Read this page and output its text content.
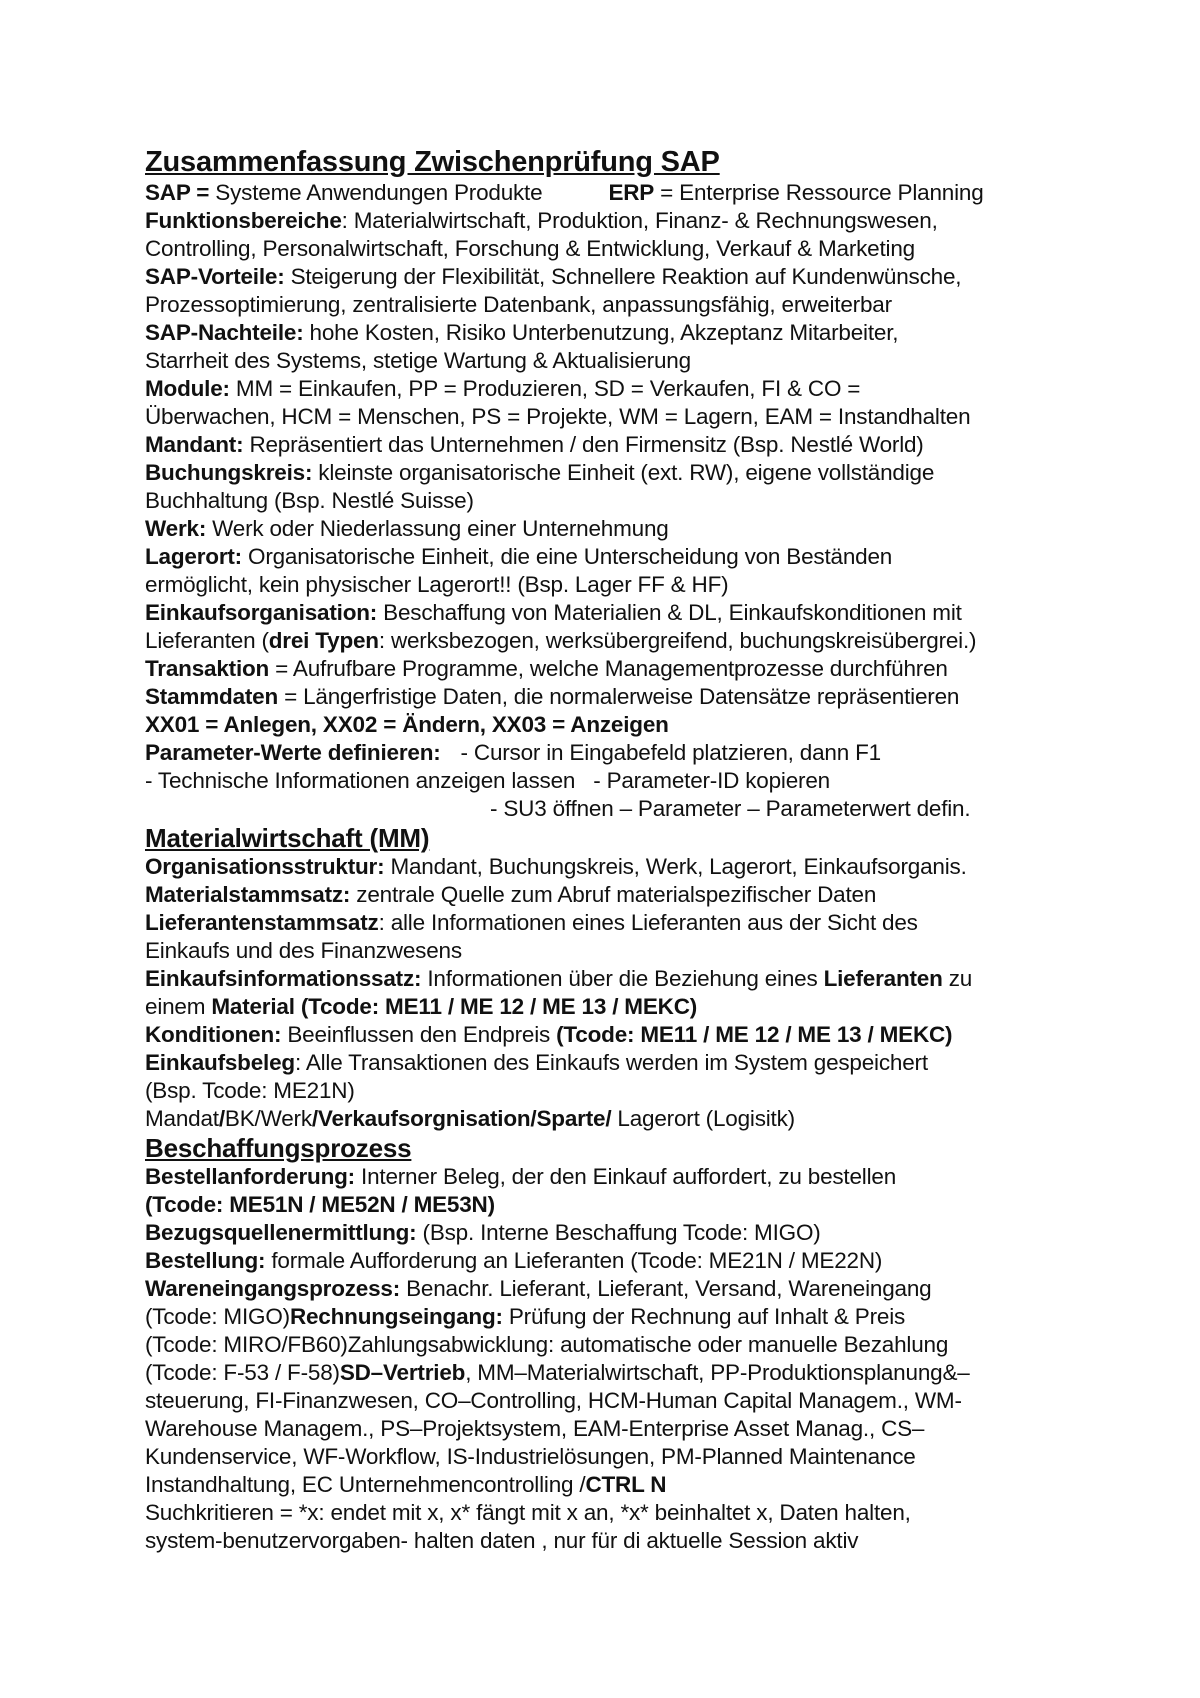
Zusammenfassung Zwischenprüfung SAP

SAP = Systeme Anwendungen Produkte	ERP = Enterprise Ressource Planning

Funktionsbereiche: Materialwirtschaft, Produktion, Finanz- & Rechnungswesen,

Controlling, Personalwirtschaft, Forschung & Entwicklung, Verkauf & Marketing

SAP-Vorteile: Steigerung der Flexibilität, Schnellere Reaktion auf Kundenwünsche,

Prozessoptimierung, zentralisierte Datenbank, anpassungsfähig, erweiterbar

SAP-Nachteile: hohe Kosten, Risiko Unterbenutzung, Akzeptanz Mitarbeiter,

Starrheit des Systems, stetige Wartung & Aktualisierung

Module: MM = Einkaufen, PP = Produzieren, SD = Verkaufen, FI & CO =

Überwachen, HCM = Menschen, PS = Projekte, WM = Lagern, EAM = Instandhalten

Mandant: Repräsentiert das Unternehmen / den Firmensitz (Bsp. Nestlé World)

Buchungskreis: kleinste organisatorische Einheit (ext. RW), eigene vollständige

Buchhaltung (Bsp. Nestlé Suisse)

Werk: Werk oder Niederlassung einer Unternehmung

Lagerort: Organisatorische Einheit, die eine Unterscheidung von Beständen

ermöglicht, kein physischer Lagerort!! (Bsp. Lager FF & HF)

Einkaufsorganisation: Beschaffung von Materialien & DL, Einkaufskonditionen mit

Lieferanten (drei Typen: werksbezogen, werksübergreifend, buchungskreisübergrei.)

Transaktion = Aufrufbare Programme, welche Managementprozesse durchführen

Stammdaten = Längerfristige Daten, die normalerweise Datensätze repräsentieren

XX01 = Anlegen, XX02 = Ändern, XX03 = Anzeigen

Parameter-Werte definieren: - Cursor in Eingabefeld platzieren, dann F1

- Technische Informationen anzeigen lassen - Parameter-ID kopieren

- SU3 öffnen – Parameter – Parameterwert defin.

Materialwirtschaft (MM)

Organisationsstruktur: Mandant, Buchungskreis, Werk, Lagerort, Einkaufsorganis.

Materialstammsatz: zentrale Quelle zum Abruf materialspezifischer Daten

Lieferantenstammsatz: alle Informationen eines Lieferanten aus der Sicht des

Einkaufs und des Finanzwesens

Einkaufsinformationssatz: Informationen über die Beziehung eines Lieferanten zu

einem Material (Tcode: ME11 / ME 12 / ME 13 / MEKC)

Konditionen: Beeinflussen den Endpreis (Tcode: ME11 / ME 12 / ME 13 / MEKC)

Einkaufsbeleg: Alle Transaktionen des Einkaufs werden im System gespeichert

(Bsp. Tcode: ME21N)

Mandat/BK/Werk/Verkaufsorgnisation/Sparte/ Lagerort (Logisitk)

Beschaffungsprozess

Bestellanforderung: Interner Beleg, der den Einkauf auffordert, zu bestellen

(Tcode: ME51N / ME52N / ME53N)

Bezugsquellenermittlung: (Bsp. Interne Beschaffung Tcode: MIGO)

Bestellung: formale Aufforderung an Lieferanten (Tcode: ME21N / ME22N)

Wareneingangsprozess: Benachr. Lieferant, Lieferant, Versand, Wareneingang

(Tcode: MIGO)Rechnungseingang: Prüfung der Rechnung auf Inhalt & Preis

(Tcode: MIRO/FB60)Zahlungsabwicklung: automatische oder manuelle Bezahlung

(Tcode: F-53 / F-58)SD–Vertrieb, MM–Materialwirtschaft, PP-Produktionsplanung&–

steuerung, FI-Finanzwesen, CO–Controlling, HCM-Human Capital Managem., WM-

Warehouse Managem., PS–Projektsystem, EAM-Enterprise Asset Manag., CS–

Kundenservice, WF-Workflow, IS-Industrielösungen, PM-Planned Maintenance

Instandhaltung, EC Unternehmencontrolling /CTRL N

Suchkritieren = *x: endet mit x, x* fängt mit x an, *x* beinhaltet x, Daten halten,

system-benutzervorgaben- halten daten , nur für di aktuelle Session aktiv
